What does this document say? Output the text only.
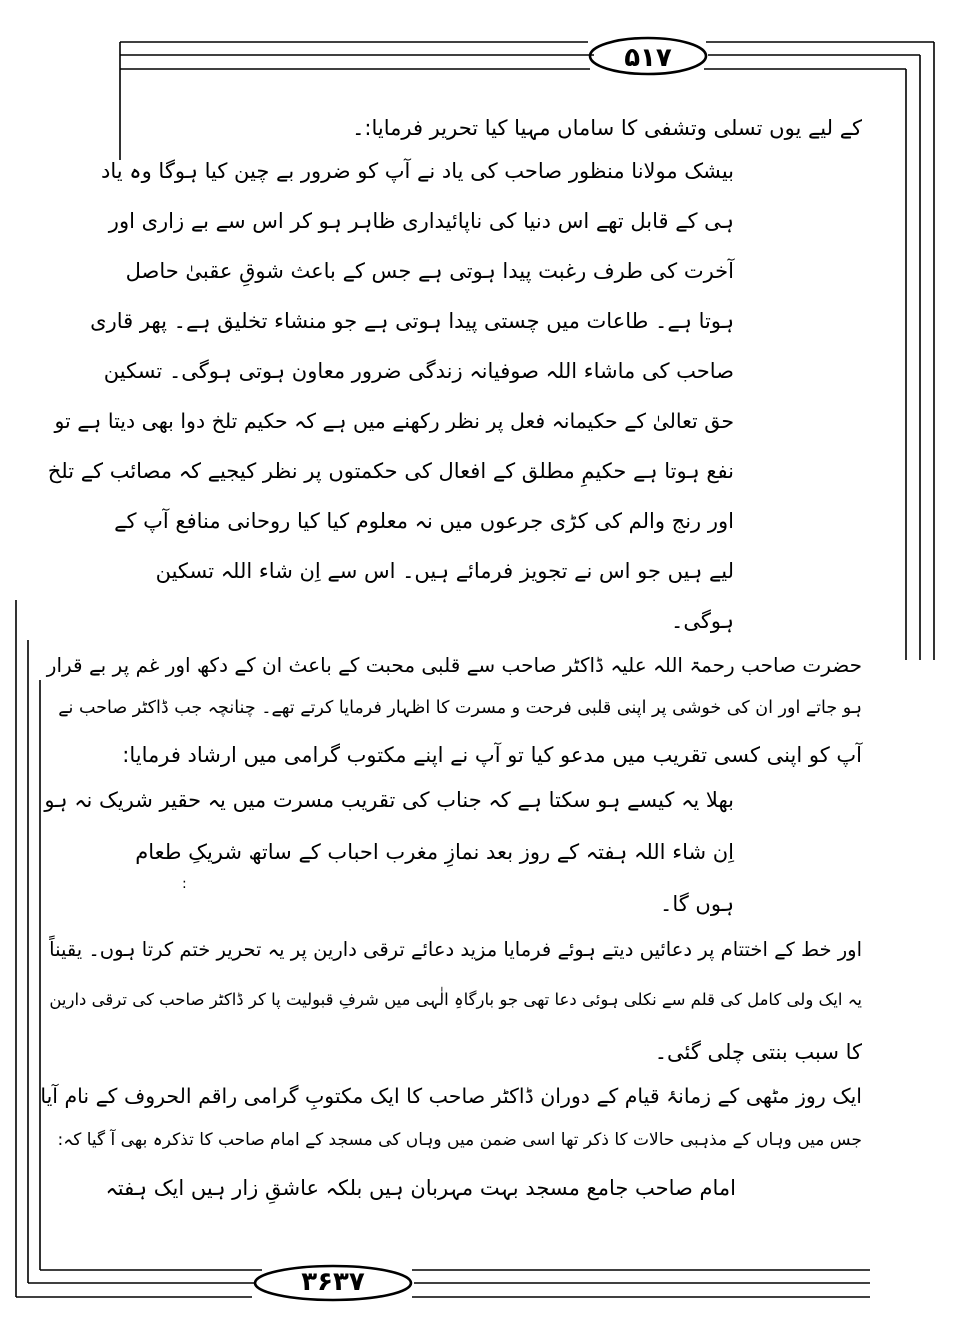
:
۵۱۷
۳۶۳۷
کے لیے یوں تسلی وتشفی کا ساماں مہیا کیا تحریر فرمایا:۔
بیشک مولانا منظور صاحب کی یاد نے آپ کو ضرور بے چین کیا ہوگا وہ یاد
ہی کے قابل تھے اس دنیا کی ناپائیداری ظاہر ہو کر اس سے بے زاری اور
آخرت کی طرف رغبت پیدا ہوتی ہے جس کے باعث شوقِ عقبیٰ حاصل
ہوتا ہے۔ طاعات میں چستی پیدا ہوتی ہے جو منشاء تخلیق ہے۔ پھر قاری
صاحب کی ماشاء اللہ صوفیانہ زندگی ضرور معاون ہوتی ہوگی۔ تسکین
حق تعالیٰ کے حکیمانہ فعل پر نظر رکھنے میں ہے کہ حکیم تلخ دوا بھی دیتا ہے تو
نفع ہوتا ہے حکیمِ مطلق کے افعال کی حکمتوں پر نظر کیجیے کہ مصائب کے تلخ
اور رنج والم کی کڑی جرعوں میں نہ معلوم کیا کیا روحانی منافع آپ کے
لیے ہیں جو اس نے تجویز فرمائے ہیں۔ اس سے اِن شاء اللہ تسکین
ہوگی۔
حضرت صاحب رحمۃ اللہ علیہ ڈاکٹر صاحب سے قلبی محبت کے باعث ان کے دکھ اور غم پر بے قرار
ہو جاتے اور ان کی خوشی پر اپنی قلبی فرحت و مسرت کا اظہار فرمایا کرتے تھے۔ چنانچہ جب ڈاکٹر صاحب نے
آپ کو اپنی کسی تقریب میں مدعو کیا تو آپ نے اپنے مکتوب گرامی میں ارشاد فرمایا:
بھلا یہ کیسے ہو سکتا ہے کہ جناب کی تقریب مسرت میں یہ حقیر شریک نہ ہو
اِن شاء اللہ ہفتہ کے روز بعد نمازِ مغرب احباب کے ساتھ شریکِ طعام
ہوں گا۔
اور خط کے اختتام پر دعائیں دیتے ہوئے فرمایا مزید دعائے ترقی دارین پر یہ تحریر ختم کرتا ہوں۔ یقیناً
یہ ایک ولی کامل کی قلم سے نکلی ہوئی دعا تھی جو بارگاہِ الٰہی میں شرفِ قبولیت پا کر ڈاکٹر صاحب کی ترقی دارین
کا سبب بنتی چلی گئی۔
ایک روز مٹھی کے زمانۂ قیام کے دوران ڈاکٹر صاحب کا ایک مکتوبِ گرامی راقم الحروف کے نام آیا
جس میں وہاں کے مذہبی حالات کا ذکر تھا اسی ضمن میں وہاں کی مسجد کے امام صاحب کا تذکرہ بھی آ گیا کہ:
امام صاحب جامع مسجد بہت مہربان ہیں بلکہ عاشقِ زار ہیں ایک ہفتہ
